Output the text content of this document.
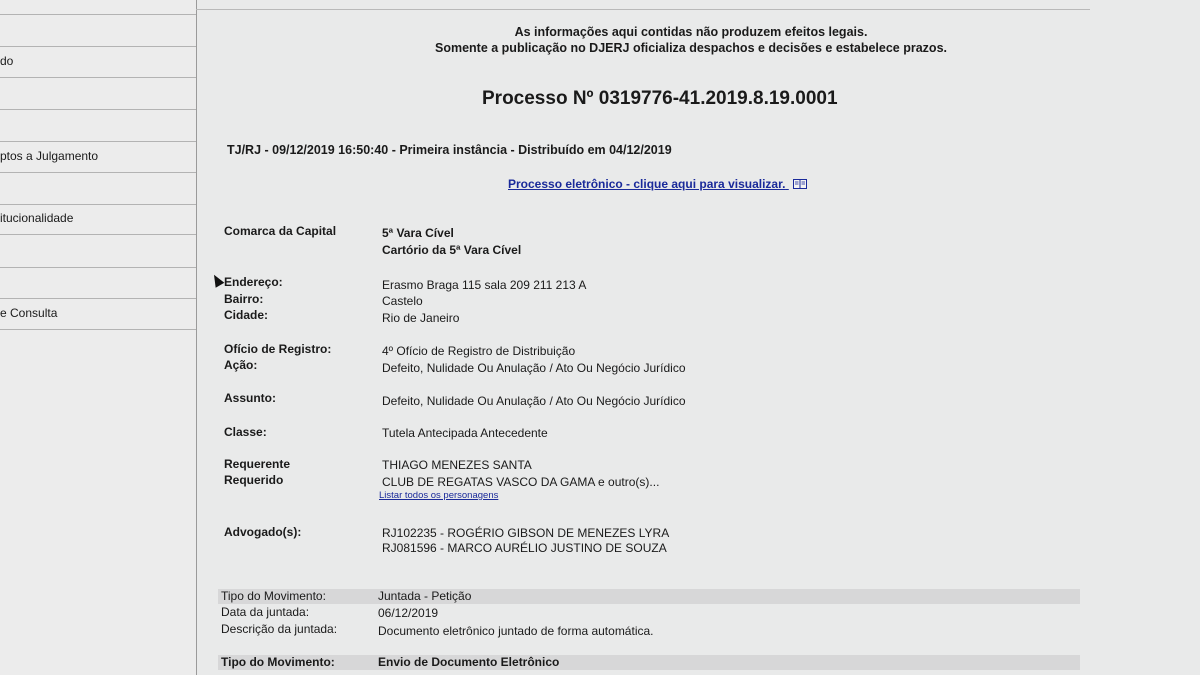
do
ptos a Julgamento
itucionalidade
e Consulta
As informações aqui contidas não produzem efeitos legais.
Somente a publicação no DJERJ oficializa despachos e decisões e estabelece prazos.
Processo Nº 0319776-41.2019.8.19.0001
TJ/RJ - 09/12/2019 16:50:40 - Primeira instância - Distribuído em 04/12/2019
Processo eletrônico - clique aqui para visualizar.
Comarca da Capital	5ª Vara Cível
Cartório da 5ª Vara Cível
Endereço:	Erasmo Braga 115 sala 209 211 213 A
Bairro:	Castelo
Cidade:	Rio de Janeiro
Ofício de Registro:	4º Ofício de Registro de Distribuição
Ação:	Defeito, Nulidade Ou Anulação / Ato Ou Negócio Jurídico
Assunto:	Defeito, Nulidade Ou Anulação / Ato Ou Negócio Jurídico
Classe:	Tutela Antecipada Antecedente
Requerente	THIAGO MENEZES SANTA
Requerido	CLUB DE REGATAS VASCO DA GAMA e outro(s)...
Listar todos os personagens
Advogado(s):	RJ102235 - ROGÉRIO GIBSON DE MENEZES LYRA
RJ081596 - MARCO AURÉLIO JUSTINO DE SOUZA
Tipo do Movimento:	Juntada - Petição
Data da juntada:	06/12/2019
Descrição da juntada:	Documento eletrônico juntado de forma automática.
Tipo do Movimento:	Envio de Documento Eletrônico
